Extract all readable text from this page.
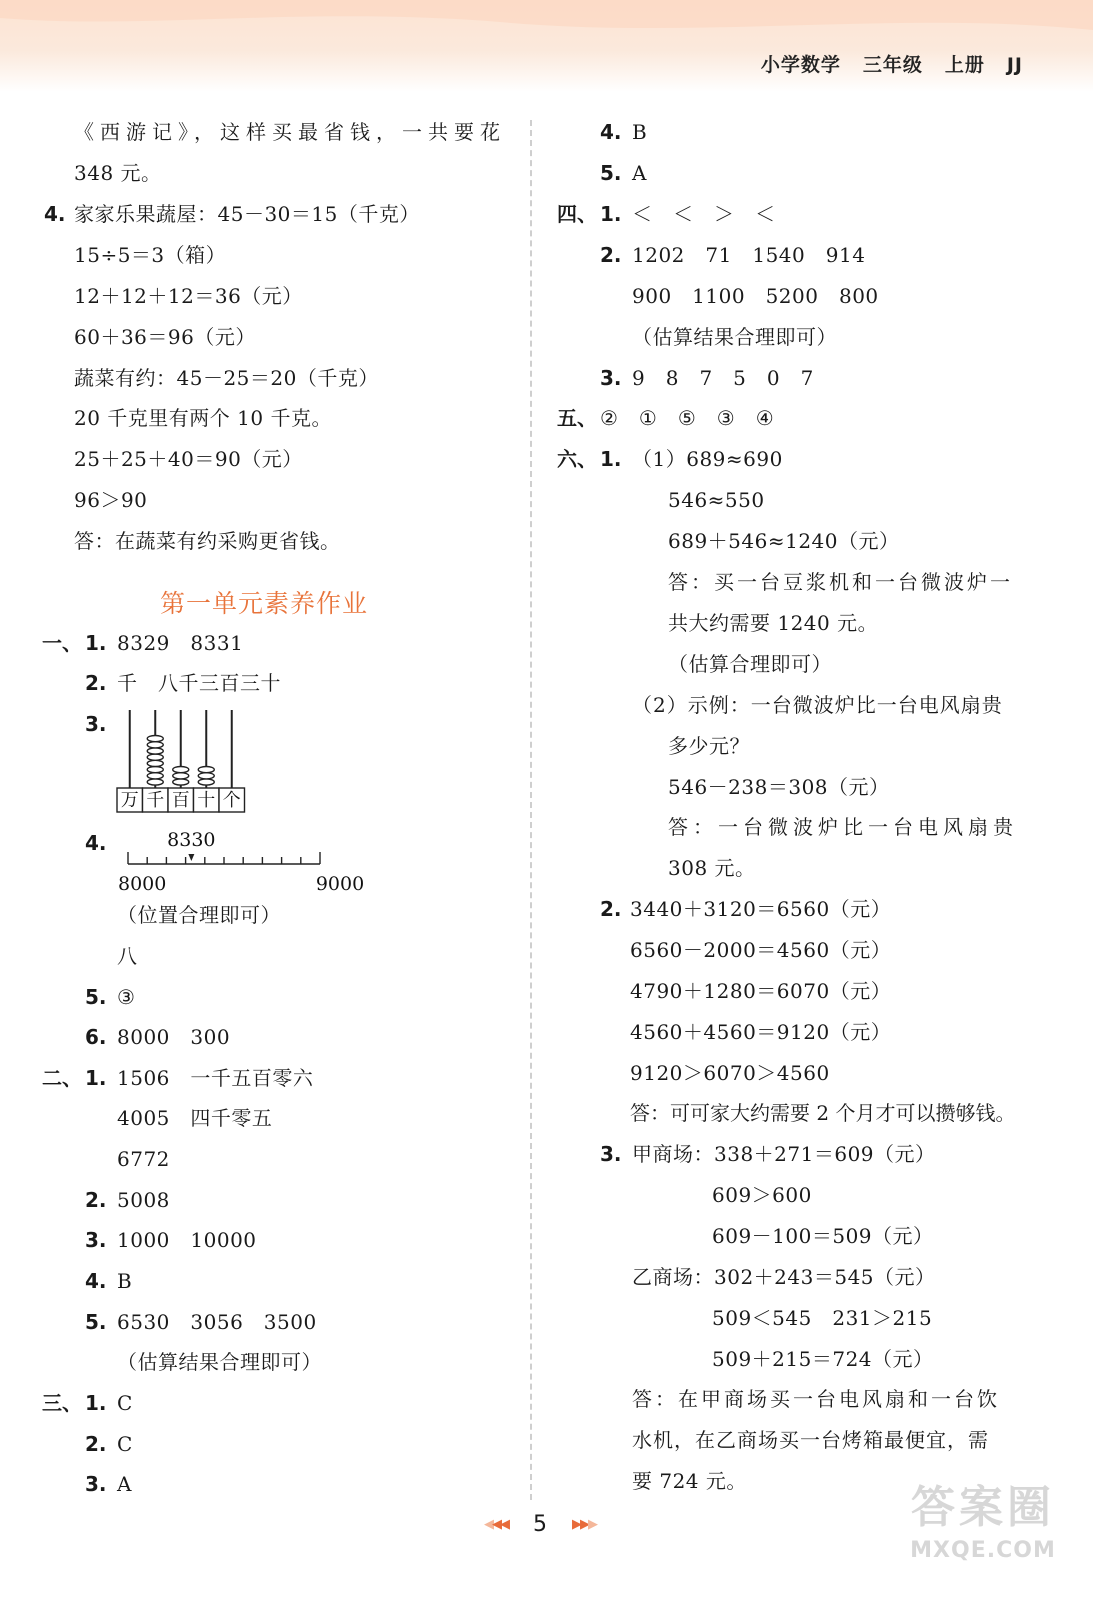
小学数学 三年级 上册 JJ
《西游记》，这样买最省钱，一共要花
348 元。
4. 家家乐果蔬屋：45－30＝15（千克）
15÷5＝3（箱）
12＋12＋12＝36（元）
60＋36＝96（元）
蔬菜有约：45－25＝20（千克）
20 千克里有两个 10 千克。
25＋25＋40＝90（元）
96＞90
答：在蔬菜有约采购更省钱。
第一单元素养作业
一、 1. 8329　8331
2. 千　八千三百三十
3.
万 千 百 十 个
4.	8330
8000	9000
（位置合理即可）
八
5. ③
6. 8000　300
二、 1. 1506　一千五百零六
4005　四千零五
6772
2. 5008
3. 1000　10000
4. B
5. 6530　3056　3500
（估算结果合理即可）
三、 1. C
2. C
3. A
4. B
5. A
四、 1. ＜　＜　＞　＜
2. 1202　71　1540　914
900　1100　5200　800
（估算结果合理即可）
3. 9　8　7　5　0　7
五、 ②　①　⑤　③　④
六、 1. （1）689≈690
546≈550
689＋546≈1240（元）
答：买一台豆浆机和一台微波炉一
共大约需要 1240 元。
（估算合理即可）
（2）示例：一台微波炉比一台电风扇贵
多少元？
546－238＝308（元）
答：一台微波炉比一台电风扇贵
308 元。
2. 3440＋3120＝6560（元）
6560－2000＝4560（元）
4790＋1280＝6070（元）
4560＋4560＝9120（元）
9120＞6070＞4560
答：可可家大约需要 2 个月才可以攒够钱。
3. 甲商场：338＋271＝609（元）
609＞600
609－100＝509（元）
乙商场：302＋243＝545（元）
509＜545　231＞215
509＋215＝724（元）
答：在甲商场买一台电风扇和一台饮
水机，在乙商场买一台烤箱最便宜，需
要 724 元。
◀◀◀ 5 ▶▶▶	答案圈
MXQE.COM
